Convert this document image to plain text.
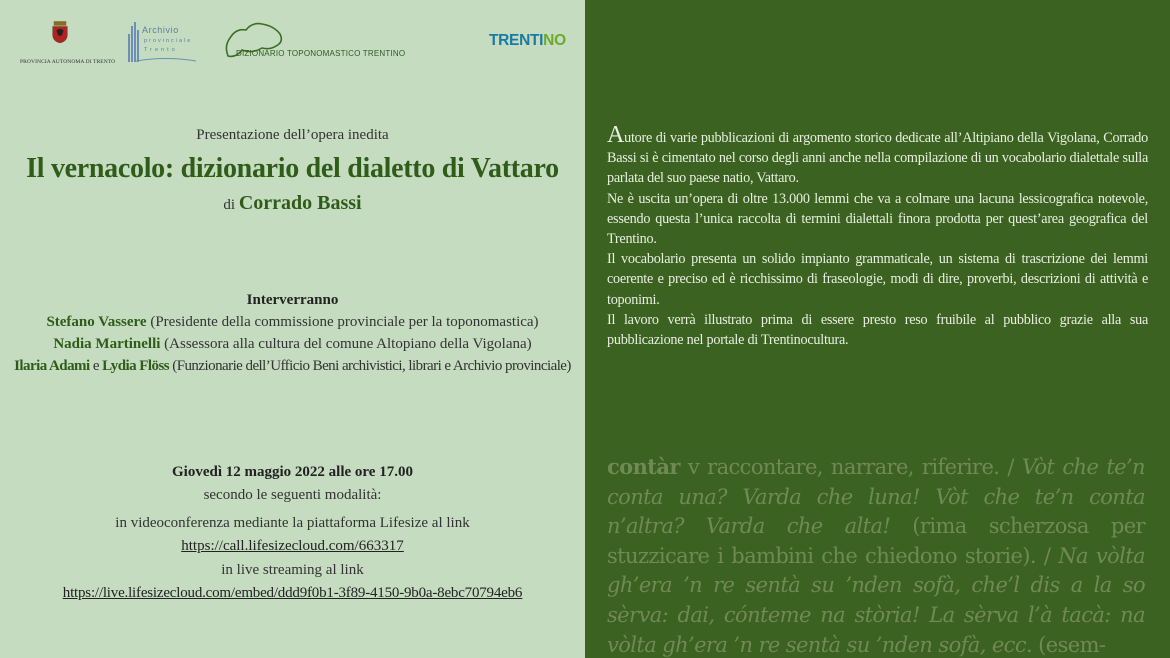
PROVINCIA AUTONOMA DI TRENTO
Archivio
provinciale
Trento	DIZIONARIO TOPONOMASTICO TRENTINO
TRENTINO
Presentazione dell’opera inedita
Il vernacolo: dizionario del dialetto di Vattaro
di Corrado Bassi
Interverranno
Stefano Vassere (Presidente della commissione provinciale per la toponomastica)
Nadia Martinelli (Assessora alla cultura del comune Altopiano della Vigolana)
Ilaria Adami e Lydia Flöss (Funzionarie dell’Ufficio Beni archivistici, librari e Archivio provinciale)
Giovedì 12 maggio 2022 alle ore 17.00
secondo le seguenti modalità:
in videoconferenza mediante la piattaforma Lifesize al link
https://call.lifesizecloud.com/663317
in live streaming al link
https://live.lifesizecloud.com/embed/ddd9f0b1-3f89-4150-9b0a-8ebc70794eb6

Autore di varie pubblicazioni di argomento storico dedicate all’Altipiano della Vigolana, Corrado Bassi si è cimentato nel corso degli anni anche nella compilazione di un vocabolario dialettale sulla parlata del suo paese natio, Vattaro.

Ne è uscita un’opera di oltre 13.000 lemmi che va a colmare una lacuna lessicografica notevole, essendo questa l’unica raccolta di termini dialettali finora prodotta per quest’area geografica del Trentino.

Il vocabolario presenta un solido impianto grammaticale, un sistema di trascrizione dei lemmi coerente e preciso ed è ricchissimo di fraseologie, modi di dire, proverbi, descrizioni di attività e toponimi.

Il lavoro verrà illustrato prima di essere presto reso fruibile al pubblico grazie alla sua pubblicazione nel portale di Trentinocultura.

contàr v raccontare, narrare, riferire. / Vòt che te’n conta una? Varda che luna! Vòt che te’n conta n’altra? Varda che alta! (rima scherzosa per stuzzicare i bambini che chiedono storie). / Na vòlta gh’era ’n re sentà su ’nden sofà, che’l dis a la so sèrva: dai, cónteme na stòria! La sèrva l’à tacà: na vòlta gh’era ’n re sentà su ’nden sofà, ecc. (esem-
